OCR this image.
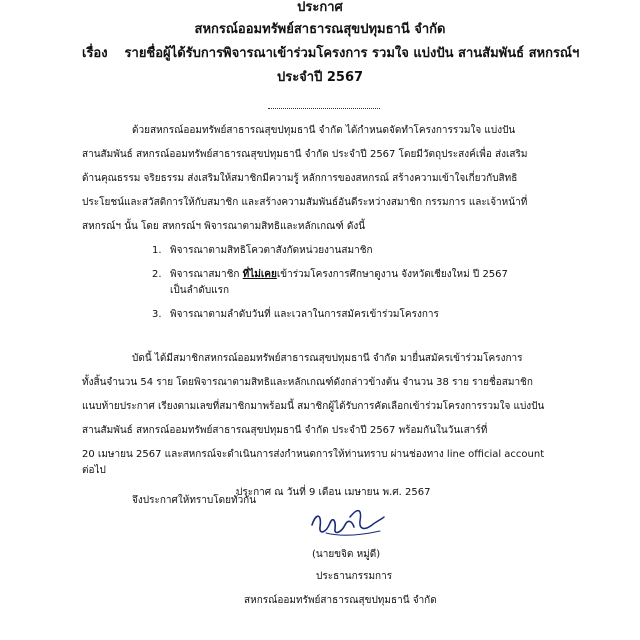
ประกาศ
สหกรณ์ออมทรัพย์สาธารณสุขปทุมธานี จำกัด
เรื่อง รายชื่อผู้ได้รับการพิจารณาเข้าร่วมโครงการ รวมใจ แบ่งปัน สานสัมพันธ์ สหกรณ์ฯ
ประจำปี 2567
ด้วยสหกรณ์ออมทรัพย์สาธารณสุขปทุมธานี จำกัด ได้กำหนดจัดทำโครงการรวมใจ แบ่งปัน
สานสัมพันธ์ สหกรณ์ออมทรัพย์สาธารณสุขปทุมธานี จำกัด ประจำปี 2567 โดยมีวัตถุประสงค์เพื่อ ส่งเสริม
ด้านคุณธรรม จริยธรรม ส่งเสริมให้สมาชิกมีความรู้ หลักการของสหกรณ์ สร้างความเข้าใจเกี่ยวกับสิทธิ
ประโยชน์และสวัสดิการให้กับสมาชิก และสร้างความสัมพันธ์อันดีระหว่างสมาชิก กรรมการ และเจ้าหน้าที่
สหกรณ์ฯ นั้น โดย สหกรณ์ฯ พิจารณาตามสิทธิและหลักเกณฑ์ ดังนี้
1. พิจารณาตามสิทธิโควตาสังกัดหน่วยงานสมาชิก
2. พิจารณาสมาชิก ที่ไม่เคยเข้าร่วมโครงการศึกษาดูงาน จังหวัดเชียงใหม่ ปี 2567
เป็นลำดับแรก
3. พิจารณาตามลำดับวันที่ และเวลาในการสมัครเข้าร่วมโครงการ
บัดนี้ ได้มีสมาชิกสหกรณ์ออมทรัพย์สาธารณสุขปทุมธานี จำกัด มายื่นสมัครเข้าร่วมโครงการ
ทั้งสิ้นจำนวน 54 ราย โดยพิจารณาตามสิทธิและหลักเกณฑ์ดังกล่าวข้างต้น จำนวน 38 ราย รายชื่อสมาชิก
แนบท้ายประกาศ เรียงตามเลขที่สมาชิกมาพร้อมนี้ สมาชิกผู้ได้รับการคัดเลือกเข้าร่วมโครงการรวมใจ แบ่งปัน
สานสัมพันธ์ สหกรณ์ออมทรัพย์สาธารณสุขปทุมธานี จำกัด ประจำปี 2567 พร้อมกันในวันเสาร์ที่
20 เมษายน 2567 และสหกรณ์จะดำเนินการส่งกำหนดการให้ท่านทราบ ผ่านช่องทาง line official account
ต่อไป
จึงประกาศให้ทราบโดยทั่วกัน
ประกาศ ณ วันที่ 9 เดือน เมษายน พ.ศ. 2567
(นายขจิต หมู่ดี)
ประธานกรรมการ
สหกรณ์ออมทรัพย์สาธารณสุขปทุมธานี จำกัด
